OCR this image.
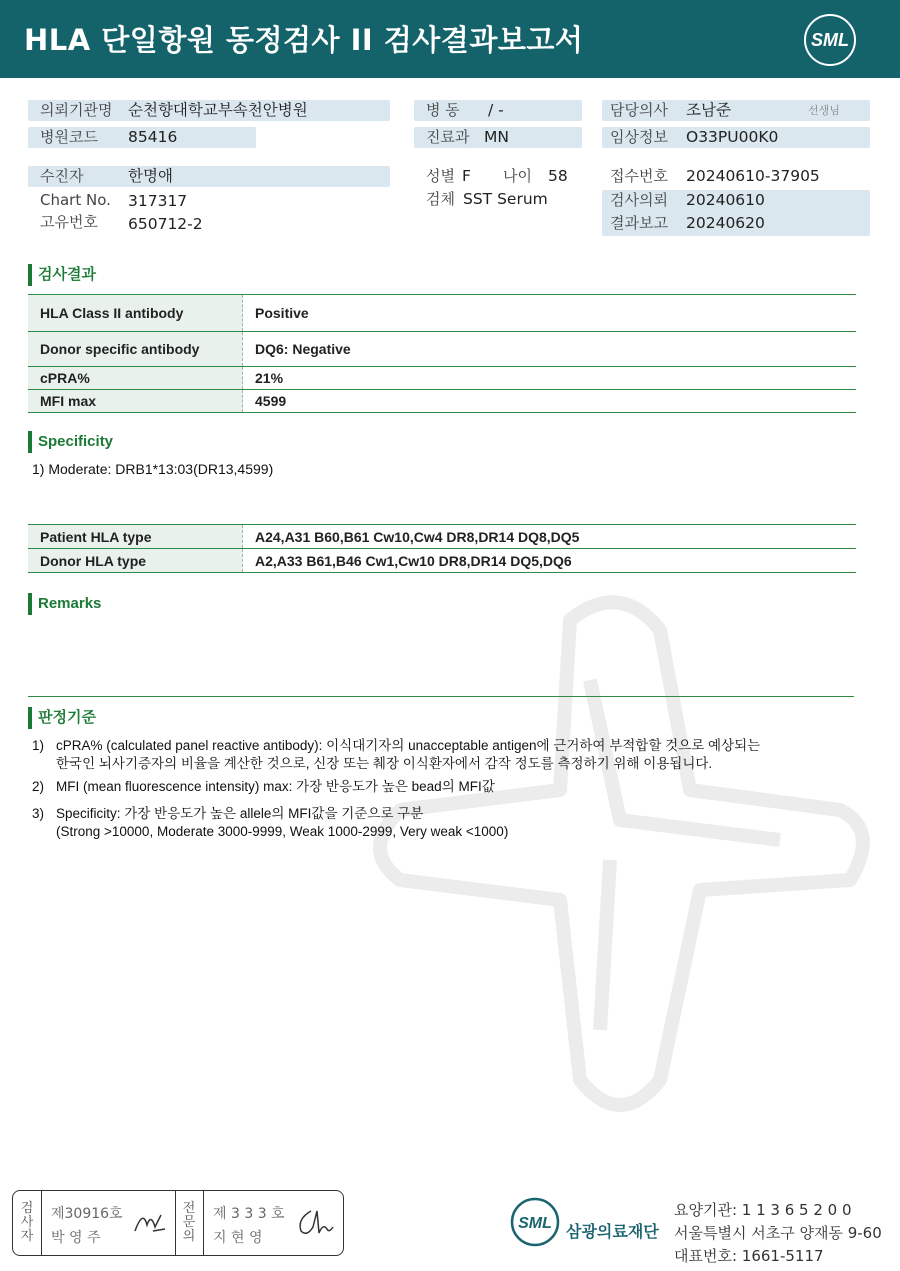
HLA 단일항원 동정검사 II 검사결과보고서	SML
의뢰기관명 순천향대학교부속천안병원
병원코드 85416
병 동 / -
진료과 MN
담당의사 조남준	선생님
임상정보 O33PU00K0
수진자	한명애
Chart No. 317317
고유번호 650712-2
성별 F 나이 58
검체 SST Serum
접수번호 20240610-37905
검사의뢰 20240610
결과보고 20240620
검사결과
HLA Class II antibody	Positive
Donor specific antibody	DQ6: Negative
cPRA%	21%
MFI max	4599
Specificity
1) Moderate: DRB1*13:03(DR13,4599)
Patient HLA type	A24,A31 B60,B61 Cw10,Cw4 DR8,DR14 DQ8,DQ5
Donor HLA type	A2,A33 B61,B46 Cw1,Cw10 DR8,DR14 DQ5,DQ6
Remarks
판정기준
1) cPRA% (calculated panel reactive antibody): 이식대기자의 unacceptable antigen에 근거하여 부적합할 것으로 예상되는
한국인 뇌사기증자의 비율을 계산한 것으로, 신장 또는 췌장 이식환자에서 감작 정도를 측정하기 위해 이용됩니다.
2) MFI (mean fluorescence intensity) max: 가장 반응도가 높은 bead의 MFI값
3) Specificity: 가장 반응도가 높은 allele의 MFI값을 기준으로 구분
(Strong >10000, Moderate 3000-9999, Weak 1000-2999, Very weak <1000)
검
사
자
제30916호
박 영 주
전
문
의
제 3 3 3 호
지 현 영
SML 삼광의료재단
요양기관: 1 1 3 6 5 2 0 0
서울특별시 서초구 양재동 9-60
대표번호: 1661-5117
